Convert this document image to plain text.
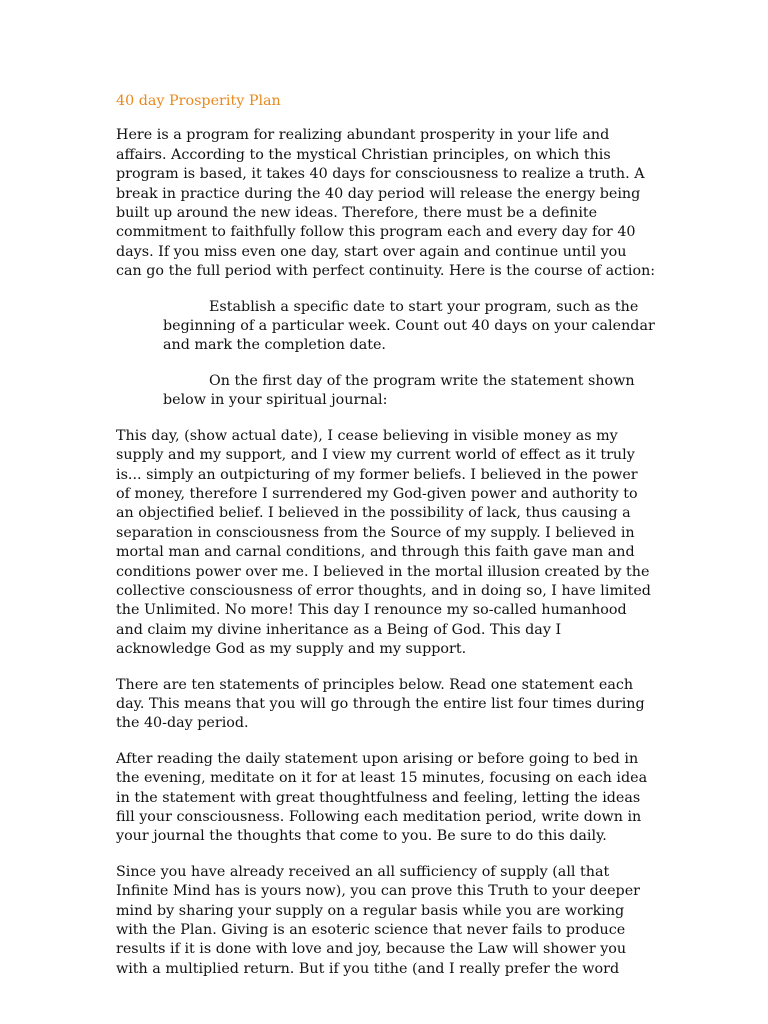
40 day Prosperity Plan

Here is a program for realizing abundant prosperity in your life and affairs. According to the mystical Christian principles, on which this program is based, it takes 40 days for consciousness to realize a truth. A break in practice during the 40 day period will release the energy being built up around the new ideas. Therefore, there must be a definite commitment to faithfully follow this program each and every day for 40 days. If you miss even one day, start over again and continue until you can go the full period with perfect continuity. Here is the course of action:

Establish a specific date to start your program, such as the beginning of a particular week. Count out 40 days on your calendar and mark the completion date.

On the first day of the program write the statement shown below in your spiritual journal:

This day, (show actual date), I cease believing in visible money as my supply and my support, and I view my current world of effect as it truly is... simply an outpicturing of my former beliefs. I believed in the power of money, therefore I surrendered my God-given power and authority to an objectified belief. I believed in the possibility of lack, thus causing a separation in consciousness from the Source of my supply. I believed in mortal man and carnal conditions, and through this faith gave man and conditions power over me. I believed in the mortal illusion created by the collective consciousness of error thoughts, and in doing so, I have limited the Unlimited. No more! This day I renounce my so-called humanhood and claim my divine inheritance as a Being of God. This day I acknowledge God as my supply and my support.

There are ten statements of principles below. Read one statement each day. This means that you will go through the entire list four times during the 40-day period.

After reading the daily statement upon arising or before going to bed in the evening, meditate on it for at least 15 minutes, focusing on each idea in the statement with great thoughtfulness and feeling, letting the ideas fill your consciousness. Following each meditation period, write down in your journal the thoughts that come to you. Be sure to do this daily.

Since you have already received an all sufficiency of supply (all that Infinite Mind has is yours now), you can prove this Truth to your deeper mind by sharing your supply on a regular basis while you are working with the Plan. Giving is an esoteric science that never fails to produce results if it is done with love and joy, because the Law will shower you with a multiplied return. But if you tithe (and I really prefer the word
